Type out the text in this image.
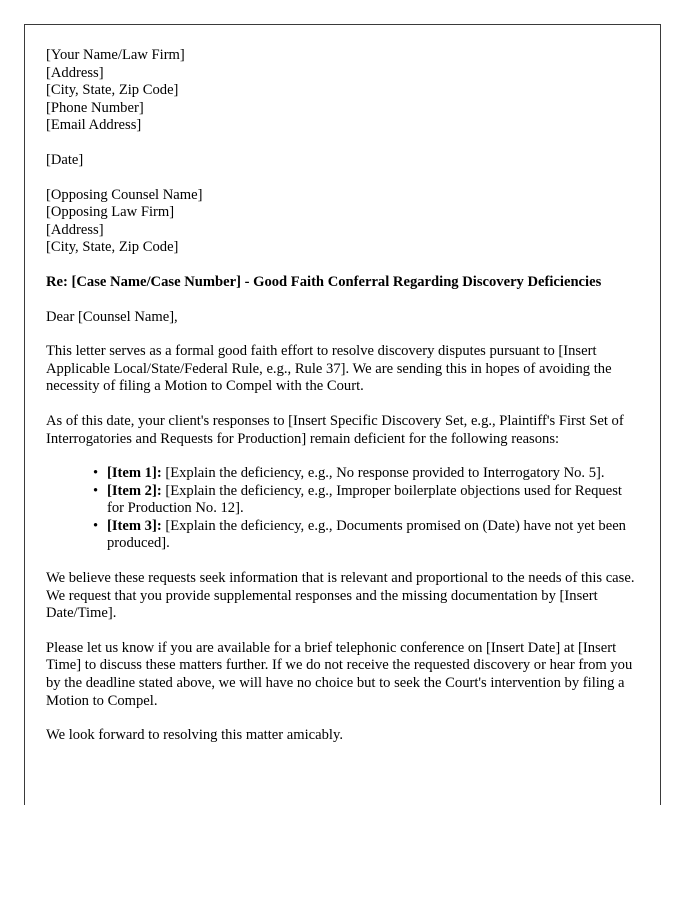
[Your Name/Law Firm]
[Address]
[City, State, Zip Code]
[Phone Number]
[Email Address]
[Date]
[Opposing Counsel Name]
[Opposing Law Firm]
[Address]
[City, State, Zip Code]
Re: [Case Name/Case Number] - Good Faith Conferral Regarding Discovery Deficiencies
Dear [Counsel Name],
This letter serves as a formal good faith effort to resolve discovery disputes pursuant to [Insert Applicable Local/State/Federal Rule, e.g., Rule 37]. We are sending this in hopes of avoiding the necessity of filing a Motion to Compel with the Court.
As of this date, your client's responses to [Insert Specific Discovery Set, e.g., Plaintiff's First Set of Interrogatories and Requests for Production] remain deficient for the following reasons:
• [Item 1]: [Explain the deficiency, e.g., No response provided to Interrogatory No. 5].
• [Item 2]: [Explain the deficiency, e.g., Improper boilerplate objections used for Request for Production No. 12].
• [Item 3]: [Explain the deficiency, e.g., Documents promised on (Date) have not yet been produced].
We believe these requests seek information that is relevant and proportional to the needs of this case. We request that you provide supplemental responses and the missing documentation by [Insert Date/Time].
Please let us know if you are available for a brief telephonic conference on [Insert Date] at [Insert Time] to discuss these matters further. If we do not receive the requested discovery or hear from you by the deadline stated above, we will have no choice but to seek the Court's intervention by filing a Motion to Compel.
We look forward to resolving this matter amicably.
